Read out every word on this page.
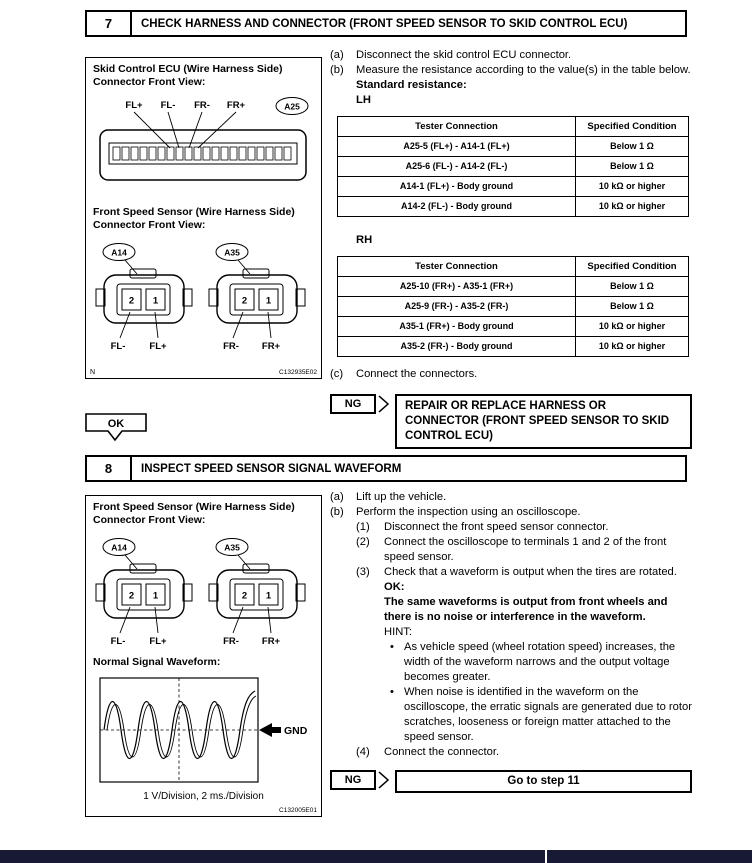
7	CHECK HARNESS AND CONNECTOR (FRONT SPEED SENSOR TO SKID CONTROL ECU)
Skid Control ECU (Wire Harness Side) Connector Front View:
FL+ FL- FR- FR+	A25
Front Speed Sensor (Wire Harness Side) Connector Front View:
A14
2 1
FL-	FL+
A35
2 1
FR- FR+
N	C132935E02
(a)	Disconnect the skid control ECU connector.
(b)	Measure the resistance according to the value(s) in the table below.
Standard resistance:
LH
Tester Connection	Specified Condition
A25-5 (FL+) - A14-1 (FL+)	Below 1 Ω
A25-6 (FL-) - A14-2 (FL-)	Below 1 Ω
A14-1 (FL+) - Body ground	10 kΩ or higher
A14-2 (FL-) - Body ground	10 kΩ or higher
RH
Tester Connection	Specified Condition
A25-10 (FR+) - A35-1 (FR+)	Below 1 Ω
A25-9 (FR-) - A35-2 (FR-)	Below 1 Ω
A35-1 (FR+) - Body ground	10 kΩ or higher
A35-2 (FR-) - Body ground	10 kΩ or higher
(c)	Connect the connectors.
NG	REPAIR OR REPLACE HARNESS OR CONNECTOR (FRONT SPEED SENSOR TO SKID CONTROL ECU)
OK
8	INSPECT SPEED SENSOR SIGNAL WAVEFORM
Front Speed Sensor (Wire Harness Side) Connector Front View:
A14
2 1
FL-	FL+
A35
2 1
FR- FR+
Normal Signal Waveform:
GND
1 V/Division, 2 ms./Division
C132005E01
(a)	Lift up the vehicle.
(b)	Perform the inspection using an oscilloscope.
(1)	Disconnect the front speed sensor connector.
(2)	Connect the oscilloscope to terminals 1 and 2 of the front speed sensor.
(3)	Check that a waveform is output when the tires are rotated.
OK:
The same waveforms is output from front wheels and there is no noise or interference in the waveform.
HINT:
• As vehicle speed (wheel rotation speed) increases, the width of the waveform narrows and the output voltage becomes greater.
• When noise is identified in the waveform on the oscilloscope, the erratic signals are generated due to rotor scratches, looseness or foreign matter attached to the speed sensor.
(4)	Connect the connector.
NG	Go to step 11
